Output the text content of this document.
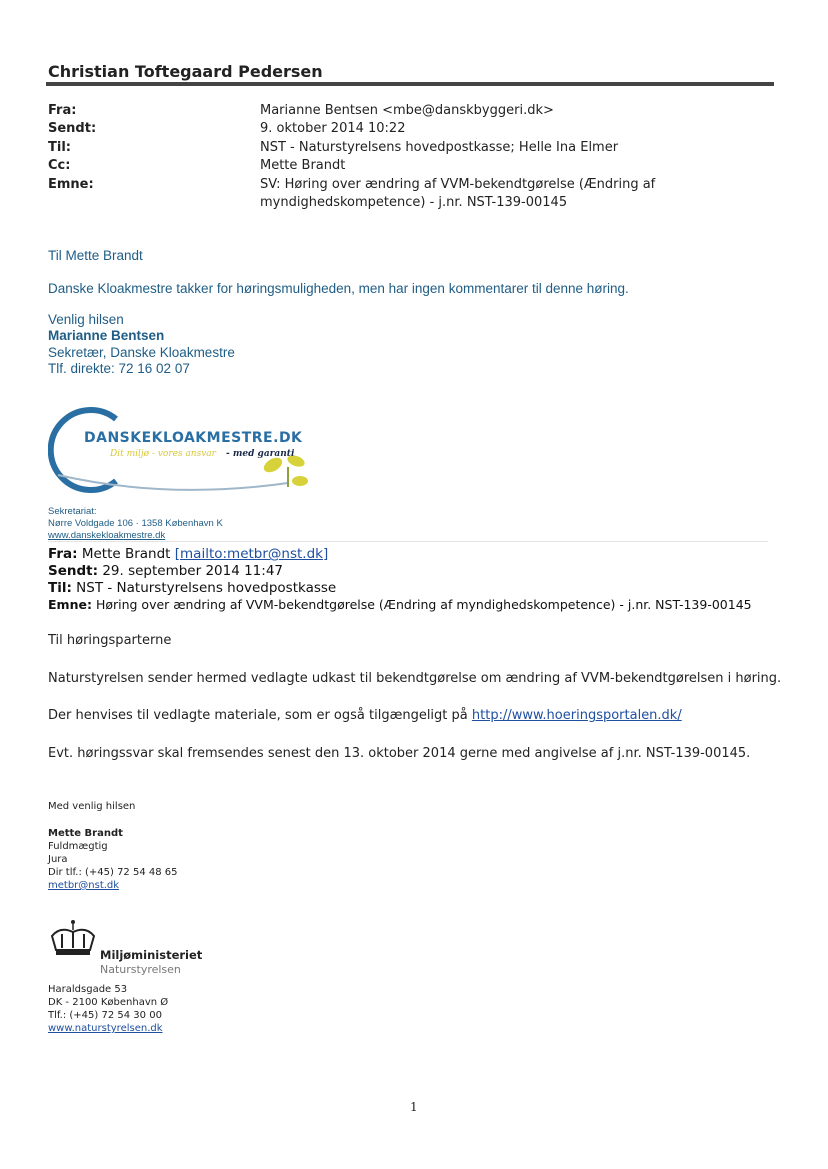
Christian Toftegaard Pedersen
Fra:	Marianne Bentsen <mbe@danskbyggeri.dk>
Sendt:	9. oktober 2014 10:22
Til:	NST - Naturstyrelsens hovedpostkasse; Helle Ina Elmer
Cc:	Mette Brandt
Emne:	SV: Høring over ændring af VVM-bekendtgørelse (Ændring af
myndighedskompetence) - j.nr. NST-139-00145
Til Mette Brandt
Danske Kloakmestre takker for høringsmuligheden, men har ingen kommentarer til denne høring.
Venlig hilsen
Marianne Bentsen
Sekretær, Danske Kloakmestre
Tlf. direkte: 72 16 02 07
DANSKEKLOAKMESTRE.DK
Dit miljø - vores ansvar - med garanti
Sekretariat:
Nørre Voldgade 106 · 1358 København K
www.danskekloakmestre.dk
Fra: Mette Brandt [mailto:metbr@nst.dk]
Sendt: 29. september 2014 11:47
Til: NST - Naturstyrelsens hovedpostkasse
Emne: Høring over ændring af VVM-bekendtgørelse (Ændring af myndighedskompetence) - j.nr. NST-139-00145
Til høringsparterne
Naturstyrelsen sender hermed vedlagte udkast til bekendtgørelse om ændring af VVM-bekendtgørelsen i høring.
Der henvises til vedlagte materiale, som er også tilgængeligt på http://www.hoeringsportalen.dk/
Evt. høringssvar skal fremsendes senest den 13. oktober 2014 gerne med angivelse af j.nr. NST-139-00145.
Med venlig hilsen
Mette Brandt
Fuldmægtig
Jura
Dir tlf.: (+45) 72 54 48 65
metbr@nst.dk
Miljøministeriet
Naturstyrelsen
Haraldsgade 53
DK - 2100 København Ø
Tlf.: (+45) 72 54 30 00
www.naturstyrelsen.dk
1
